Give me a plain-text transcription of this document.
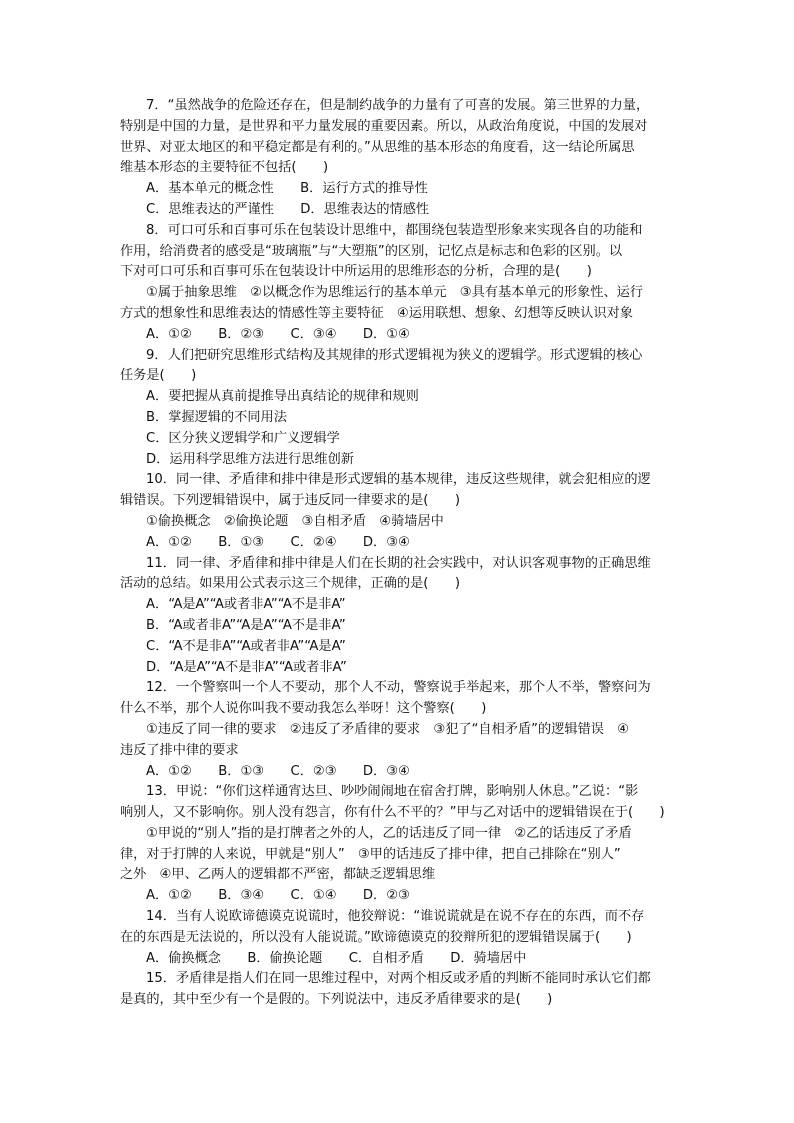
7．“虽然战争的危险还存在，但是制约战争的力量有了可喜的发展。第三世界的力量，
特别是中国的力量，是世界和平力量发展的重要因素。所以，从政治角度说，中国的发展对
世界、对亚太地区的和平稳定都是有利的。”从思维的基本形态的角度看，这一结论所属思
维基本形态的主要特征不包括(　　)
A．基本单元的概念性　　B．运行方式的推导性
C．思维表达的严谨性　　D．思维表达的情感性
8．可口可乐和百事可乐在包装设计思维中，都围绕包装造型形象来实现各自的功能和
作用，给消费者的感受是“玻璃瓶”与“大塑瓶”的区别，记忆点是标志和色彩的区别。以
下对可口可乐和百事可乐在包装设计中所运用的思维形态的分析，合理的是(　　)
①属于抽象思维　②以概念作为思维运行的基本单元　③具有基本单元的形象性、运行
方式的想象性和思维表达的情感性等主要特征　④运用联想、想象、幻想等反映认识对象
A．①②　　B．②③　　C．③④　　D．①④
9．人们把研究思维形式结构及其规律的形式逻辑视为狭义的逻辑学。形式逻辑的核心
任务是(　　)
A．要把握从真前提推导出真结论的规律和规则
B．掌握逻辑的不同用法
C．区分狭义逻辑学和广义逻辑学
D．运用科学思维方法进行思维创新
10．同一律、矛盾律和排中律是形式逻辑的基本规律，违反这些规律，就会犯相应的逻
辑错误。下列逻辑错误中，属于违反同一律要求的是(　　)
①偷换概念　②偷换论题　③自相矛盾　④骑墙居中
A．①②　　B．①③　　C．②④　　D．③④
11．同一律、矛盾律和排中律是人们在长期的社会实践中，对认识客观事物的正确思维
活动的总结。如果用公式表示这三个规律，正确的是(　　)
A．“A是A”“A或者非A”“A不是非A”
B．“A或者非A”“A是A”“A不是非A”
C．“A不是非A”“A或者非A”“A是A”
D．“A是A”“A不是非A”“A或者非A”
12．一个警察叫一个人不要动，那个人不动，警察说手举起来，那个人不举，警察问为
什么不举，那个人说你叫我不要动我怎么举呀！这个警察(　　)
①违反了同一律的要求　②违反了矛盾律的要求　③犯了“自相矛盾”的逻辑错误　④
违反了排中律的要求
A．①②　　B．①③　　C．②③　　D．③④
13．甲说：“你们这样通宵达旦、吵吵闹闹地在宿舍打牌，影响别人休息。”乙说：“影
响别人，又不影响你。别人没有怨言，你有什么不平的？”甲与乙对话中的逻辑错误在于(　　)
①甲说的“别人”指的是打牌者之外的人，乙的话违反了同一律　②乙的话违反了矛盾
律，对于打牌的人来说，甲就是“别人”　③甲的话违反了排中律，把自己排除在“别人”
之外　④甲、乙两人的逻辑都不严密，都缺乏逻辑思维
A．①②　　B．③④　　C．①④　　D．②③
14．当有人说欧谛德谟克说谎时，他狡辩说：“谁说谎就是在说不存在的东西，而不存
在的东西是无法说的，所以没有人能说谎。”欧谛德谟克的狡辩所犯的逻辑错误属于(　　)
A．偷换概念　　B．偷换论题　　C．自相矛盾　　D．骑墙居中
15．矛盾律是指人们在同一思维过程中，对两个相反或矛盾的判断不能同时承认它们都
是真的，其中至少有一个是假的。下列说法中，违反矛盾律要求的是(　　)
